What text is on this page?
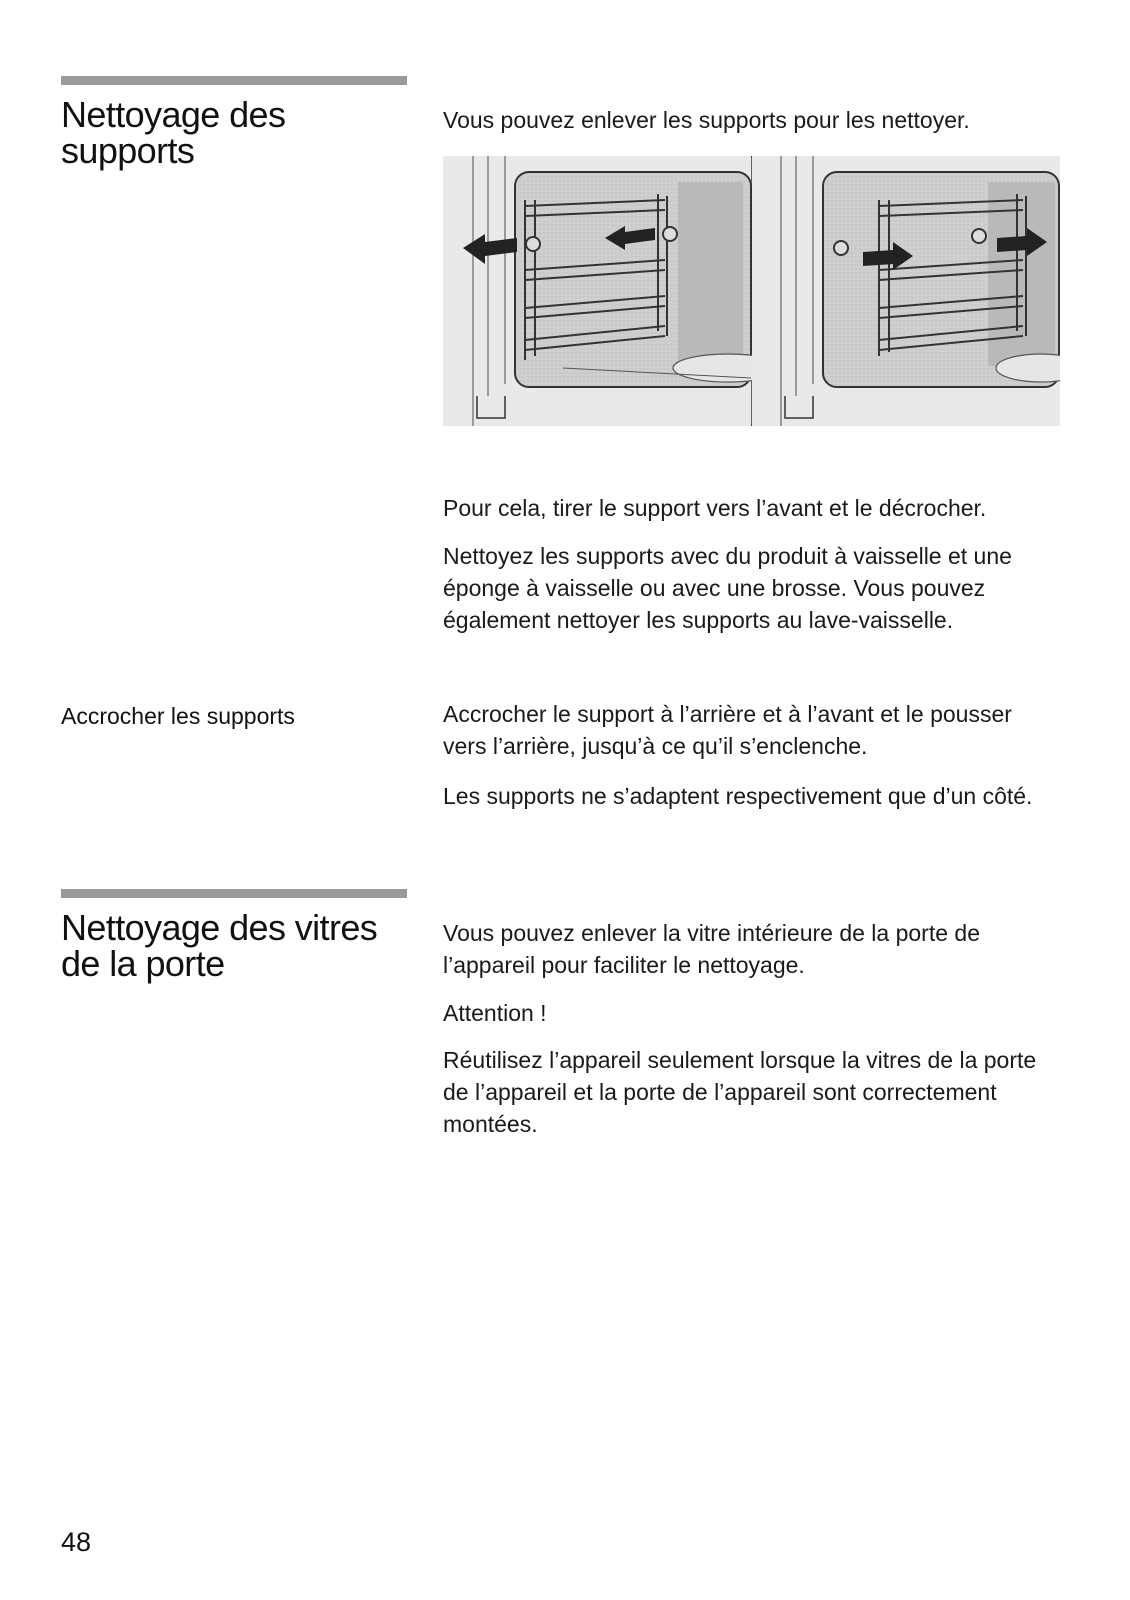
Nettoyage des supports
Vous pouvez enlever les supports pour les nettoyer.
Pour cela, tirer le support vers l’avant et le décrocher.
Nettoyez les supports avec du produit à vaisselle et une éponge à vaisselle ou avec une brosse. Vous pouvez également nettoyer les supports au lave-vaisselle.
Accrocher les supports	Accrocher le support à l’arrière et à l’avant et le pousser vers l’arrière, jusqu’à ce qu’il s’enclenche.
Les supports ne s’adaptent respectivement que d’un côté.
Nettoyage des vitres de la porte
Vous pouvez enlever la vitre intérieure de la porte de l’appareil pour faciliter le nettoyage.
Attention !
Réutilisez l’appareil seulement lorsque la vitres de la porte de l’appareil et la porte de l’appareil sont correctement montées.
48
